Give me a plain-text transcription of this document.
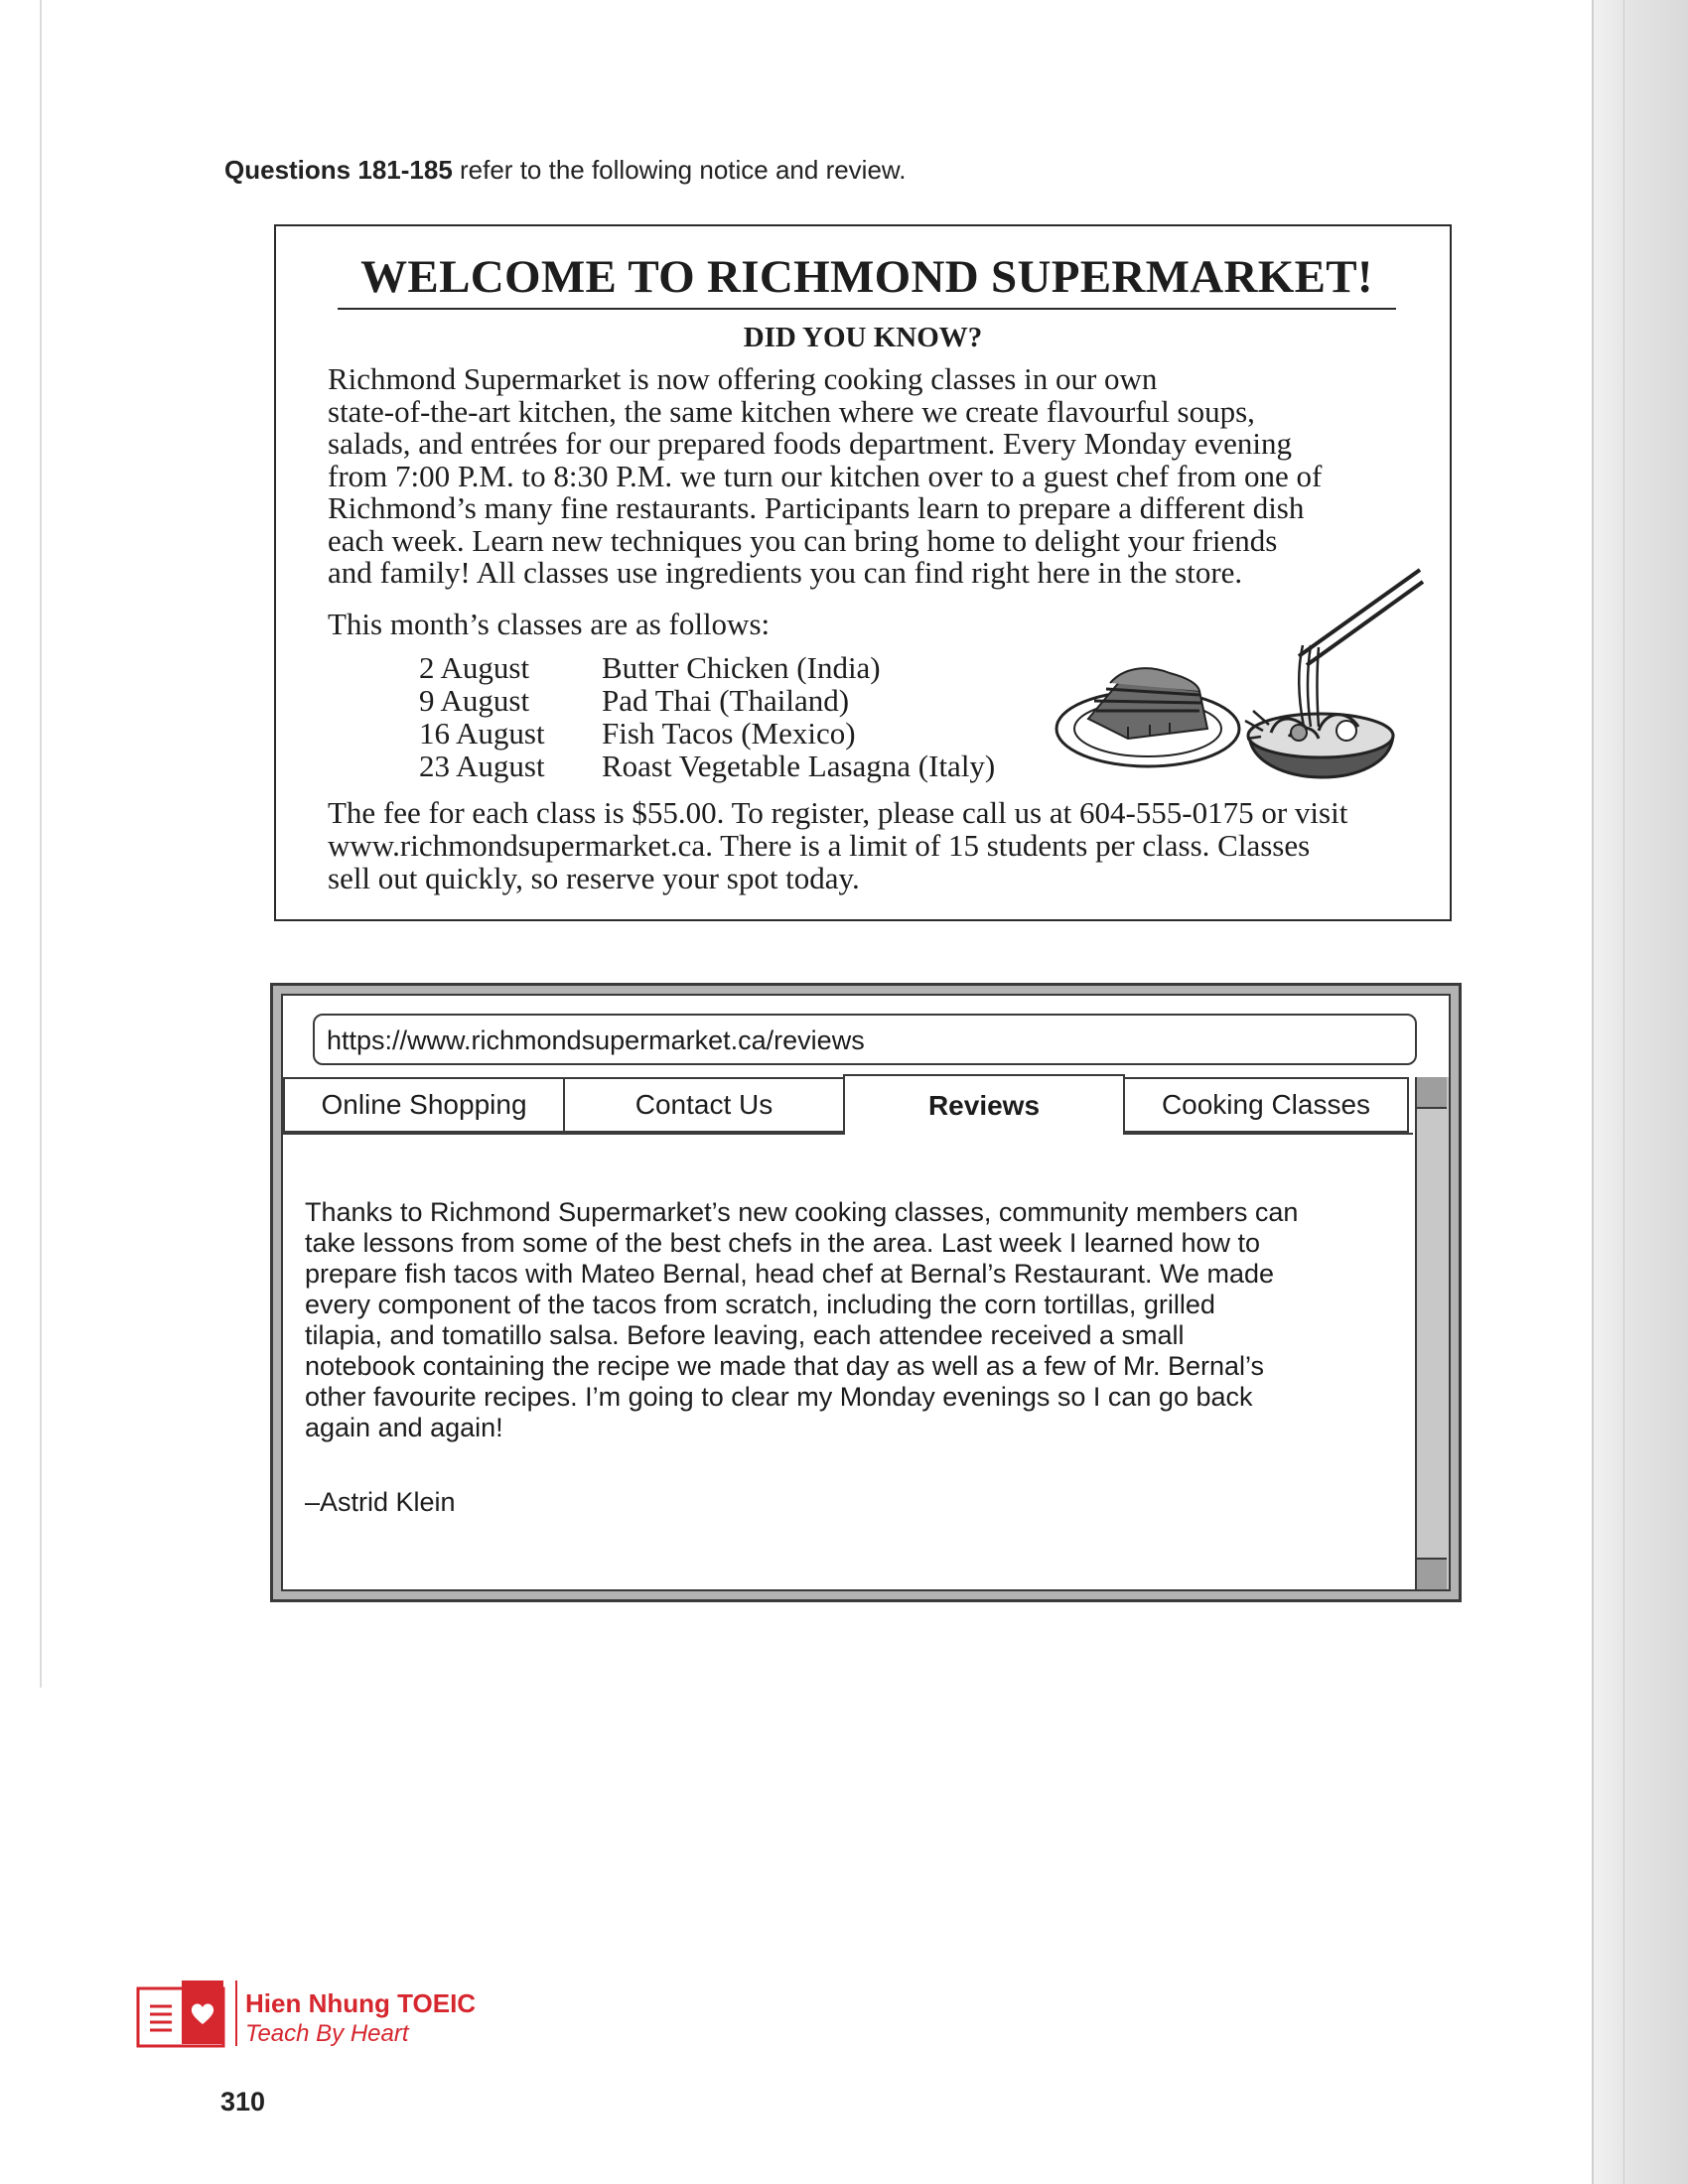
Questions 181-185 refer to the following notice and review.
WELCOME TO RICHMOND SUPERMARKET!
DID YOU KNOW?
Richmond Supermarket is now offering cooking classes in our own
state-of-the-art kitchen, the same kitchen where we create flavourful soups,
salads, and entrées for our prepared foods department. Every Monday evening
from 7:00 P.M. to 8:30 P.M. we turn our kitchen over to a guest chef from one of
Richmond’s many fine restaurants. Participants learn to prepare a different dish
each week. Learn new techniques you can bring home to delight your friends
and family! All classes use ingredients you can find right here in the store.
This month’s classes are as follows:
2 August	Butter Chicken (India)
9 August	Pad Thai (Thailand)
16 August	Fish Tacos (Mexico)
23 August	Roast Vegetable Lasagna (Italy)
The fee for each class is $55.00. To register, please call us at 604-555-0175 or visit
www.richmondsupermarket.ca. There is a limit of 15 students per class. Classes
sell out quickly, so reserve your spot today.
https://www.richmondsupermarket.ca/reviews
Online Shopping	Contact Us	Reviews	Cooking Classes
Thanks to Richmond Supermarket’s new cooking classes, community members can
take lessons from some of the best chefs in the area. Last week I learned how to
prepare fish tacos with Mateo Bernal, head chef at Bernal’s Restaurant. We made
every component of the tacos from scratch, including the corn tortillas, grilled
tilapia, and tomatillo salsa. Before leaving, each attendee received a small
notebook containing the recipe we made that day as well as a few of Mr. Bernal’s
other favourite recipes. I’m going to clear my Monday evenings so I can go back
again and again!
–Astrid Klein
Hien Nhung TOEIC
Teach By Heart
310
